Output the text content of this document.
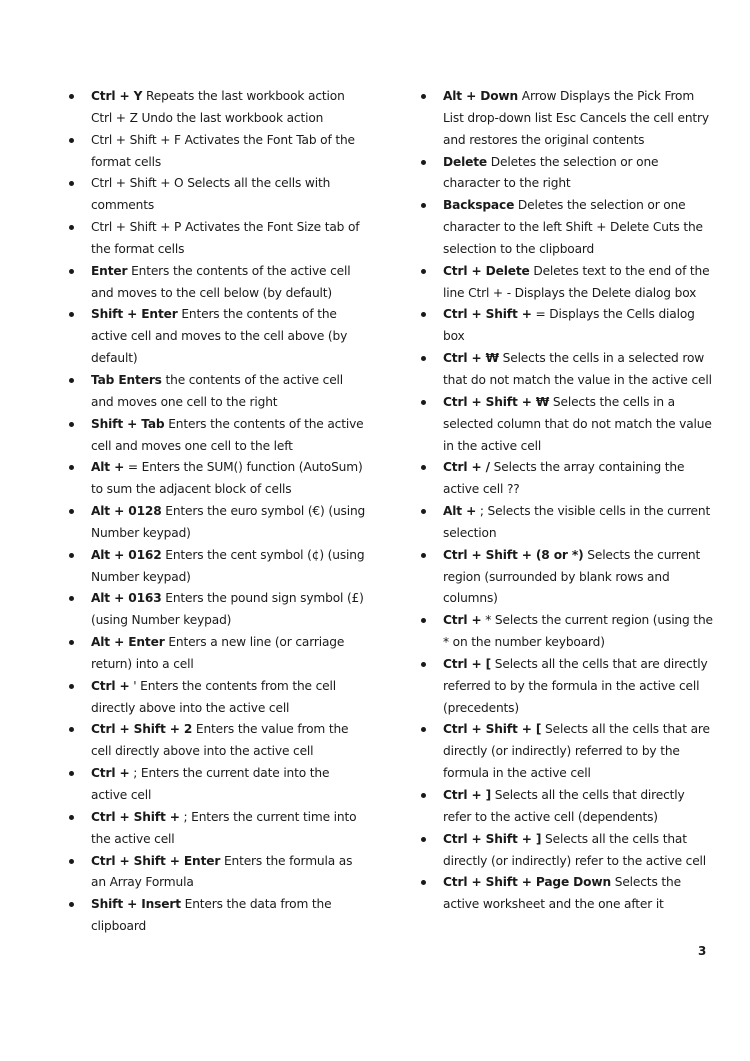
Ctrl + Y Repeats the last workbook action Ctrl + Z Undo the last workbook action
Ctrl + Shift + F Activates the Font Tab of the format cells
Ctrl + Shift + O Selects all the cells with comments
Ctrl + Shift + P Activates the Font Size tab of the format cells
Enter Enters the contents of the active cell and moves to the cell below (by default)
Shift + Enter Enters the contents of the active cell and moves to the cell above (by default)
Tab Enters the contents of the active cell and moves one cell to the right
Shift + Tab Enters the contents of the active cell and moves one cell to the left
Alt + = Enters the SUM() function (AutoSum) to sum the adjacent block of cells
Alt + 0128 Enters the euro symbol (€) (using Number keypad)
Alt + 0162 Enters the cent symbol (¢) (using Number keypad)
Alt + 0163 Enters the pound sign symbol (£) (using Number keypad)
Alt + Enter Enters a new line (or carriage return) into a cell
Ctrl + ' Enters the contents from the cell directly above into the active cell
Ctrl + Shift + 2 Enters the value from the cell directly above into the active cell
Ctrl + ; Enters the current date into the active cell
Ctrl + Shift + ; Enters the current time into the active cell
Ctrl + Shift + Enter Enters the formula as an Array Formula
Shift + Insert Enters the data from the clipboard
Alt + Down Arrow Displays the Pick From List drop-down list Esc Cancels the cell entry and restores the original contents
Delete Deletes the selection or one character to the right
Backspace Deletes the selection or one character to the left Shift + Delete Cuts the selection to the clipboard
Ctrl + Delete Deletes text to the end of the line Ctrl + - Displays the Delete dialog box
Ctrl + Shift + = Displays the Cells dialog box
Ctrl + ₩ Selects the cells in a selected row that do not match the value in the active cell
Ctrl + Shift + ₩ Selects the cells in a selected column that do not match the value in the active cell
Ctrl + / Selects the array containing the active cell ??
Alt + ; Selects the visible cells in the current selection
Ctrl + Shift + (8 or *) Selects the current region (surrounded by blank rows and columns)
Ctrl + * Selects the current region (using the * on the number keyboard)
Ctrl + [ Selects all the cells that are directly referred to by the formula in the active cell (precedents)
Ctrl + Shift + [ Selects all the cells that are directly (or indirectly) referred to by the formula in the active cell
Ctrl + ] Selects all the cells that directly refer to the active cell (dependents)
Ctrl + Shift + ] Selects all the cells that directly (or indirectly) refer to the active cell
Ctrl + Shift + Page Down Selects the active worksheet and the one after it
3
